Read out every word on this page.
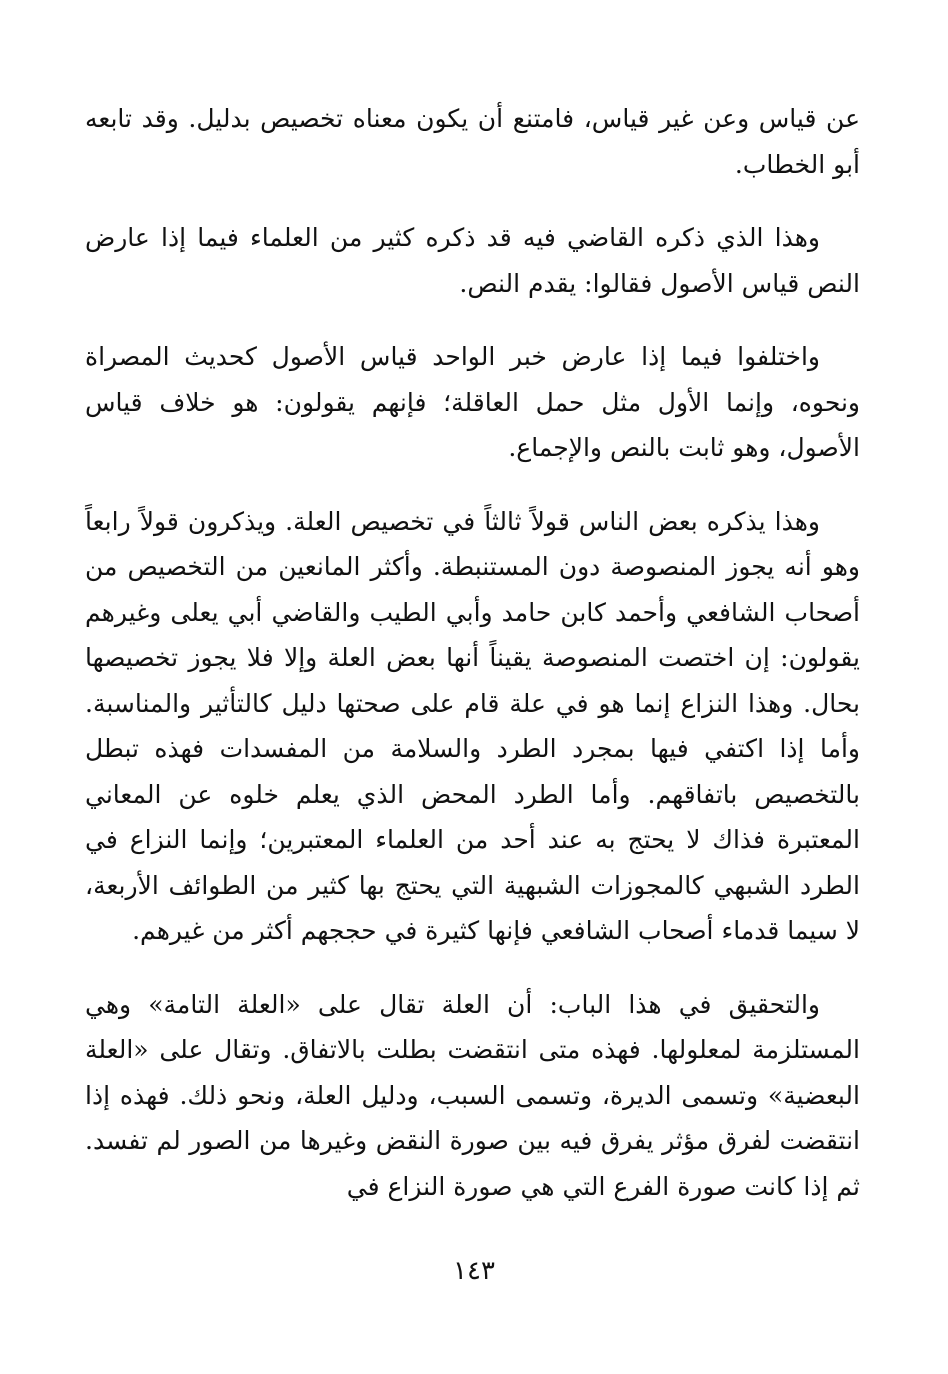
عن قياس وعن غير قياس، فامتنع أن يكون معناه تخصيص بدليل. وقد تابعه أبو الخطاب.

وهذا الذي ذكره القاضي فيه قد ذكره كثير من العلماء فيما إذا عارض النص قياس الأصول فقالوا: يقدم النص.

واختلفوا فيما إذا عارض خبر الواحد قياس الأصول كحديث المصراة ونحوه، وإنما الأول مثل حمل العاقلة؛ فإنهم يقولون: هو خلاف قياس الأصول، وهو ثابت بالنص والإجماع.

وهذا يذكره بعض الناس قولاً ثالثاً في تخصيص العلة. ويذكرون قولاً رابعاً وهو أنه يجوز المنصوصة دون المستنبطة. وأكثر المانعين من التخصيص من أصحاب الشافعي وأحمد كابن حامد وأبي الطيب والقاضي أبي يعلى وغيرهم يقولون: إن اختصت المنصوصة يقيناً أنها بعض العلة وإلا فلا يجوز تخصيصها بحال. وهذا النزاع إنما هو في علة قام على صحتها دليل كالتأثير والمناسبة. وأما إذا اكتفي فيها بمجرد الطرد والسلامة من المفسدات فهذه تبطل بالتخصيص باتفاقهم. وأما الطرد المحض الذي يعلم خلوه عن المعاني المعتبرة فذاك لا يحتج به عند أحد من العلماء المعتبرين؛ وإنما النزاع في الطرد الشبهي كالمجوزات الشبهية التي يحتج بها كثير من الطوائف الأربعة، لا سيما قدماء أصحاب الشافعي فإنها كثيرة في حججهم أكثر من غيرهم.

والتحقيق في هذا الباب: أن العلة تقال على «العلة التامة» وهي المستلزمة لمعلولها. فهذه متى انتقضت بطلت بالاتفاق. وتقال على «العلة البعضية» وتسمى الديرة، وتسمى السبب، ودليل العلة، ونحو ذلك. فهذه إذا انتقضت لفرق مؤثر يفرق فيه بين صورة النقض وغيرها من الصور لم تفسد. ثم إذا كانت صورة الفرع التي هي صورة النزاع في

١٤٣
